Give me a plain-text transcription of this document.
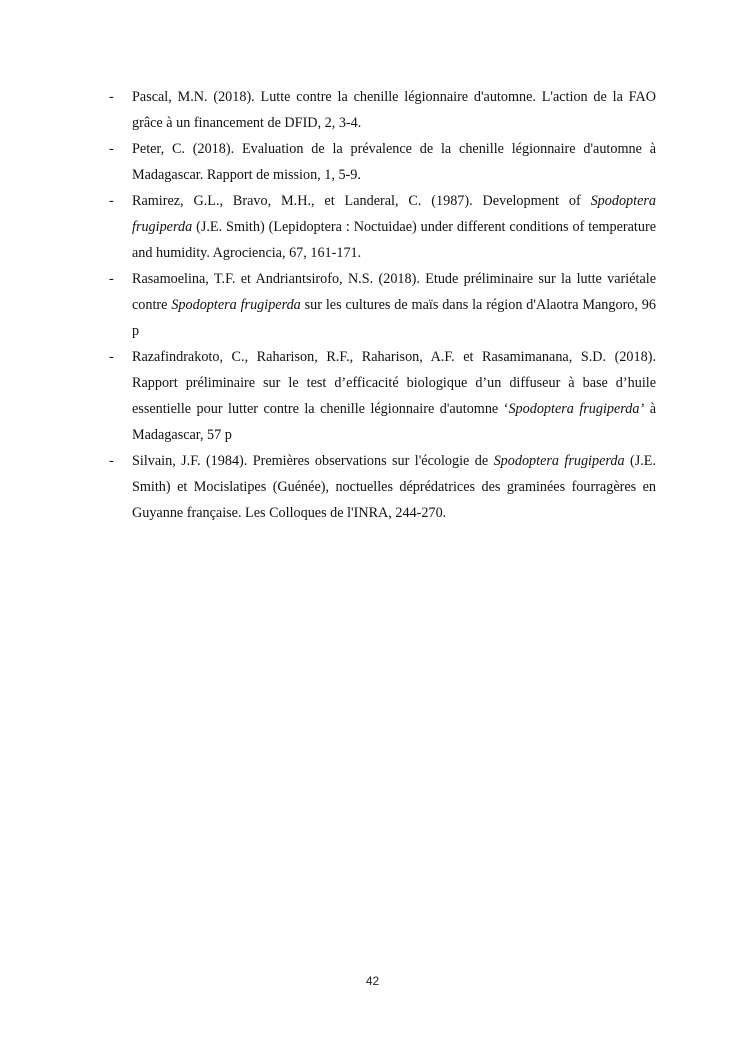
- Pascal, M.N. (2018). Lutte contre la chenille légionnaire d'automne. L'action de la FAO grâce à un financement de DFID, 2, 3-4.
- Peter, C. (2018). Evaluation de la prévalence de la chenille légionnaire d'automne à Madagascar. Rapport de mission, 1, 5-9.
- Ramirez, G.L., Bravo, M.H., et Landeral, C. (1987). Development of Spodoptera frugiperda (J.E. Smith) (Lepidoptera : Noctuidae) under different conditions of temperature and humidity. Agrociencia, 67, 161-171.
- Rasamoelina, T.F. et Andriantsirofo, N.S. (2018). Etude préliminaire sur la lutte variétale contre Spodoptera frugiperda sur les cultures de maïs dans la région d'Alaotra Mangoro, 96 p
- Razafindrakoto, C., Raharison, R.F., Raharison, A.F. et Rasamimanana, S.D. (2018). Rapport préliminaire sur le test d’efficacité biologique d’un diffuseur à base d’huile essentielle pour lutter contre la chenille légionnaire d'automne ‘Spodoptera frugiperda’ à Madagascar, 57 p
- Silvain, J.F. (1984). Premières observations sur l'écologie de Spodoptera frugiperda (J.E. Smith) et Mocislatipes (Guénée), noctuelles déprédatrices des graminées fourragères en Guyanne française. Les Colloques de l'INRA, 244-270.
42
